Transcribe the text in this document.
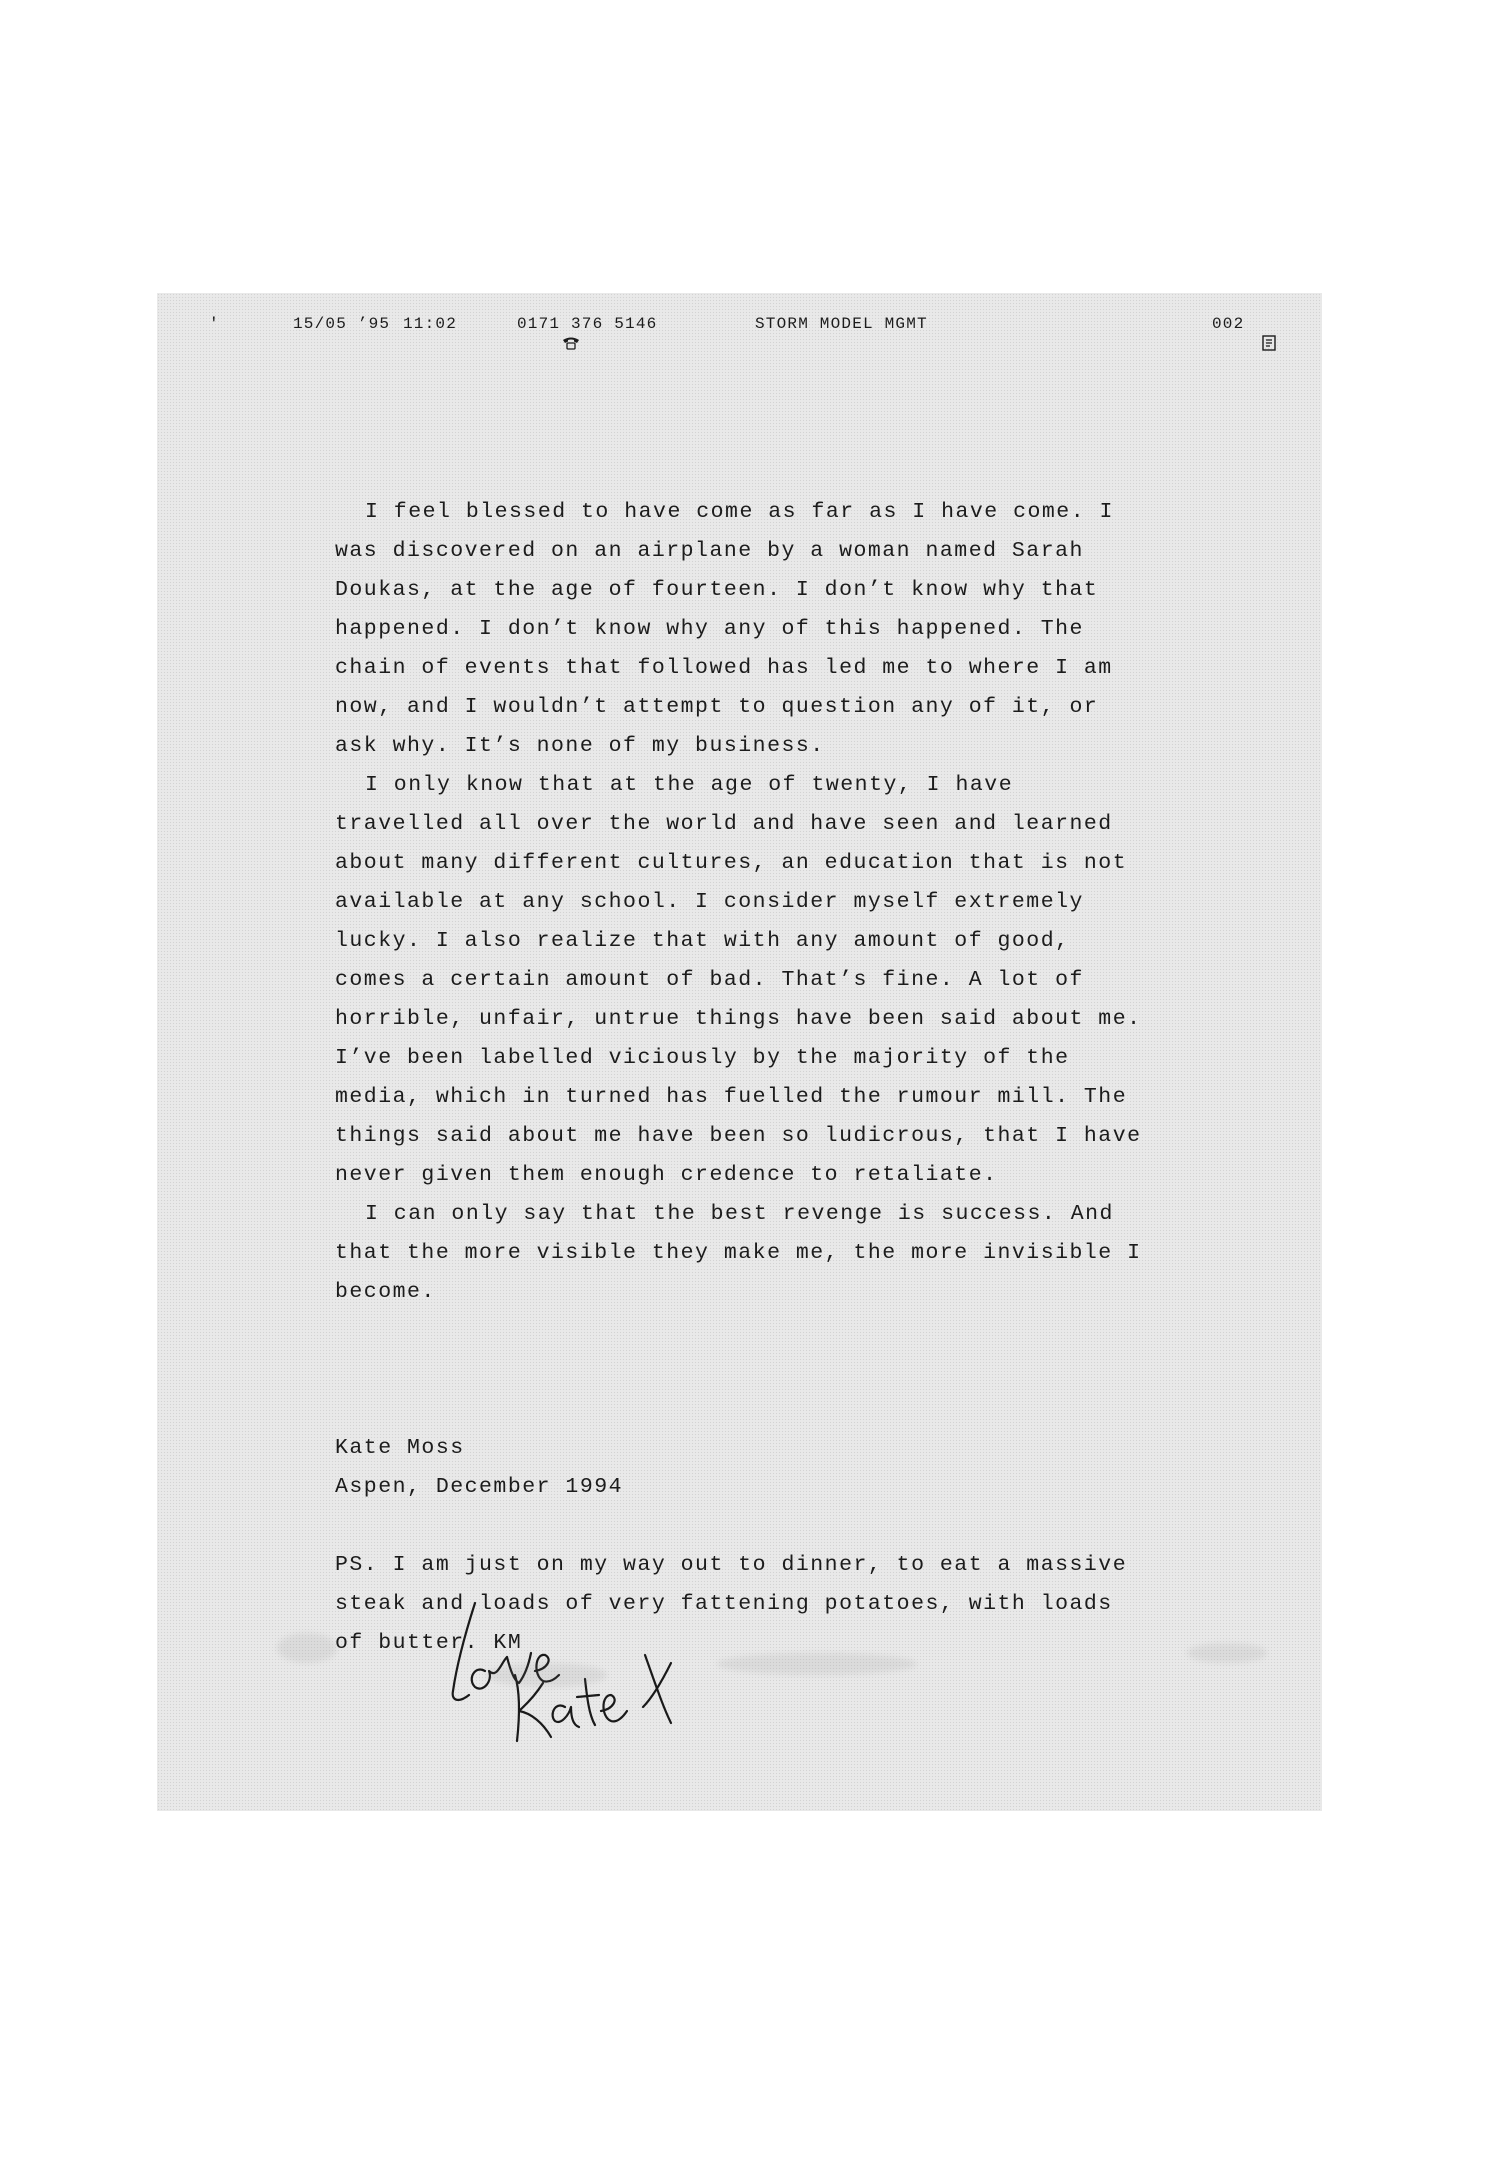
'	15/05 ’95 11:02

	0171 376 5146	STORM MODEL MGMT

	002
I feel blessed to have come as far as I have come. I
was discovered on an airplane by a woman named Sarah
Doukas, at the age of fourteen. I don’t know why that
happened. I don’t know why any of this happened. The
chain of events that followed has led me to where I am
now, and I wouldn’t attempt to question any of it, or
ask why. It’s none of my business.
I only know that at the age of twenty, I have
travelled all over the world and have seen and learned
about many different cultures, an education that is not
available at any school. I consider myself extremely
lucky. I also realize that with any amount of good,
comes a certain amount of bad. That’s fine. A lot of
horrible, unfair, untrue things have been said about me.
I’ve been labelled viciously by the majority of the
media, which in turned has fuelled the rumour mill. The
things said about me have been so ludicrous, that I have
never given them enough credence to retaliate.
I can only say that the best revenge is success. And
that the more visible they make me, the more invisible I
become.
Kate Moss
Aspen, December 1994
PS. I am just on my way out to dinner, to eat a massive
steak and loads of very fattening potatoes, with loads
of butter. KM
